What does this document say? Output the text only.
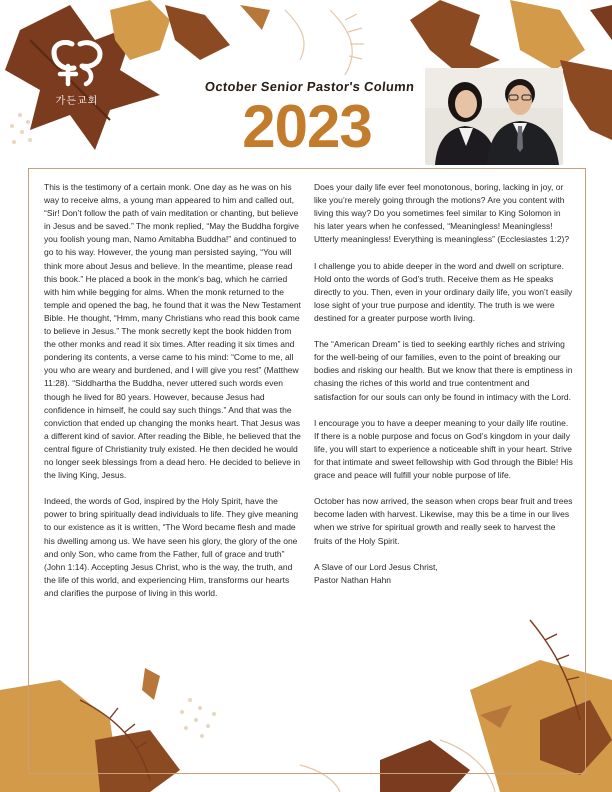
가든교회
October Senior Pastor's Column
2023

This is the testimony of a certain monk. One day as he was on his way to receive alms, a young man appeared to him and called out, “Sir! Don’t follow the path of vain meditation or chanting, but believe in Jesus and be saved.” The monk replied, “May the Buddha forgive you foolish young man, Namo Amitabha Buddha!” and continued to go to his way. However, the young man persisted saying, “You will think more about Jesus and believe. In the meantime, please read this book.” He placed a book in the monk’s bag, which he carried with him while begging for alms. When the monk returned to the temple and opened the bag, he found that it was the New Testament Bible. He thought, “Hmm, many Christians who read this book came to believe in Jesus.” The monk secretly kept the book hidden from the other monks and read it six times. After reading it six times and pondering its contents, a verse came to his mind: “Come to me, all you who are weary and burdened, and I will give you rest” (Matthew 11:28). “Siddhartha the Buddha, never uttered such words even though he lived for 80 years. However, because Jesus had confidence in himself, he could say such things.” And that was the conviction that ended up changing the monks heart. That Jesus was a different kind of savior. After reading the Bible, he believed that the central figure of Christianity truly existed. He then decided he would no longer seek blessings from a dead hero. He decided to believe in the living King, Jesus.

Indeed, the words of God, inspired by the Holy Spirit, have the power to bring spiritually dead individuals to life. They give meaning to our existence as it is written, “The Word became flesh and made his dwelling among us. We have seen his glory, the glory of the one and only Son, who came from the Father, full of grace and truth” (John 1:14). Accepting Jesus Christ, who is the way, the truth, and the life of this world, and experiencing Him, transforms our hearts and clarifies the purpose of living in this world.

Does your daily life ever feel monotonous, boring, lacking in joy, or like you’re merely going through the motions? Are you content with living this way? Do you sometimes feel similar to King Solomon in his later years when he confessed, “Meaningless! Meaningless! Utterly meaningless! Everything is meaningless” (Ecclesiastes 1:2)?

I challenge you to abide deeper in the word and dwell on scripture. Hold onto the words of God’s truth. Receive them as He speaks directly to you. Then, even in your ordinary daily life, you won’t easily lose sight of your true purpose and identity. The truth is we were destined for a greater purpose worth living.

The “American Dream” is tied to seeking earthly riches and striving for the well-being of our families, even to the point of breaking our bodies and risking our health. But we know that there is emptiness in chasing the riches of this world and true contentment and satisfaction for our souls can only be found in intimacy with the Lord.

I encourage you to have a deeper meaning to your daily life routine. If there is a noble purpose and focus on God’s kingdom in your daily life, you will start to experience a noticeable shift in your heart. Strive for that intimate and sweet fellowship with God through the Bible! His grace and peace will fulfill your noble purpose of life.

October has now arrived, the season when crops bear fruit and trees become laden with harvest. Likewise, may this be a time in our lives when we strive for spiritual growth and really seek to harvest the fruits of the Holy Spirit.

A Slave of our Lord Jesus Christ,
Pastor Nathan Hahn
